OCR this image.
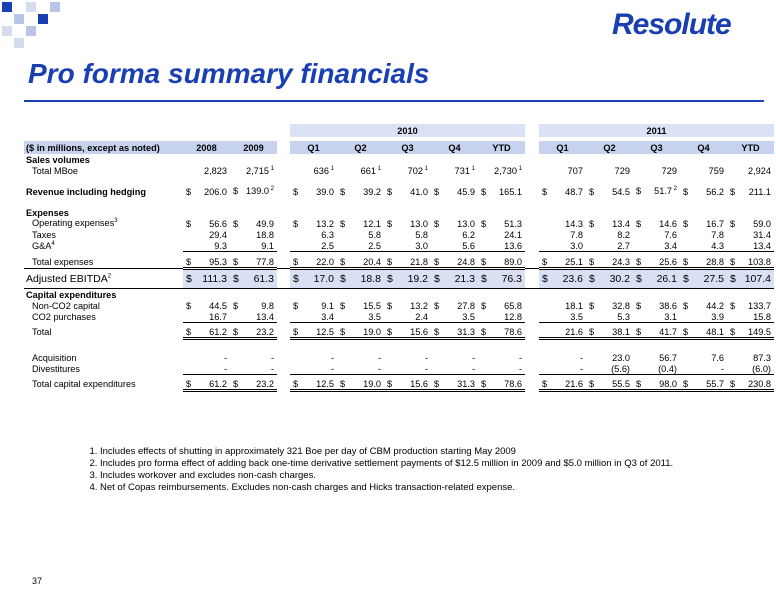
Resolute
Pro forma summary financials
				2010						2011				

($ in millions, except as noted)	2008	2009		Q1	Q2	Q3	Q4	YTD		Q1	Q2	Q3	Q4	YTD
Sales volumes														
Total MBoe	2,823	2,715 $^1$		636 $^1$	661 $^1$	702 $^1$	731 $^1$	2,730 $^1$		707	729	729	759	2,924

Revenue including hedging	$ 206.0	$ 139.0 $^2$		$ 39.0	$ 39.2	$ 41.0	$ 45.9	$ 165.1		$ 48.7	$ 54.5	$ 51.7 $^2$	$ 56.2	$ 211.1

Expenses														
Operating expenses$^3$	$ 56.6	$ 49.9		$ 13.2	$ 12.1	$ 13.0	$ 13.0	$ 51.3		14.3	$ 13.4	$ 14.6	$ 16.7	$ 59.0

Taxes	29.4	18.8		6.3	5.8	5.8	6.2	24.1		7.8	8.2	7.6	7.8	31.4

$G\&A^4$	9.3	9.1		2.5	2.5	3.0	5.6	13.6		3.0	2.7	3.4	4.3	13.4

Total expenses	$ 95.3	$ 77.8		$ 22.0	$ 20.4	$ 21.8	$ 24.8	$ 89.0		$ 25.1	$ 24.3	$ 25.6	$ 28.8	$ 103.8

Adjusted EBITDA$^2$	$ 111.3	$ 61.3		$ 17.0	$ 18.8	$ 19.2	$ 21.3	$ 76.3		$ 23.6	$ 30.2	$ 26.1	$ 27.5	$ 107.4

Capital expenditures														
Non-CO2 capital	$ 44.5	$ 9.8		$ 9.1	$ 15.5	$ 13.2	$ 27.8	$ 65.8		18.1	$ 32.8	$ 38.6	$ 44.2	$ 133.7

CO2 purchases	16.7	13.4		3.4	3.5	2.4	3.5	12.8		3.5	5.3	3.1	3.9	15.8

Total	$ 61.2	$ 23.2		$ 12.5	$ 19.0	$ 15.6	$ 31.3	$ 78.6		21.6	$ 38.1	$ 41.7	$ 48.1	$ 149.5

Acquisition	-	-		-	-	-	-	-		-	23.0	56.7	7.6	87.3

Divestitures	-	-		-	-	-	-	-		-	(5.6)	(0.4)	-	(6.0)

Total capital expenditures	$ 61.2	$ 23.2		$ 12.5	$ 19.0	$ 15.6	$ 31.3	$ 78.6		$ 21.6	$ 55.5	$ 98.0	$ 55.7	$ 230.8
1. Includes effects of shutting in approximately 321 Boe per day of CBM production starting May 2009
2. Includes pro forma effect of adding back one-time derivative settlement payments of $12.5 million in 2009 and $5.0 million in Q3 of 2011.
3. Includes workover and excludes non-cash charges.
4. Net of Copas reimbursements. Excludes non-cash charges and Hicks transaction-related expense.
37
